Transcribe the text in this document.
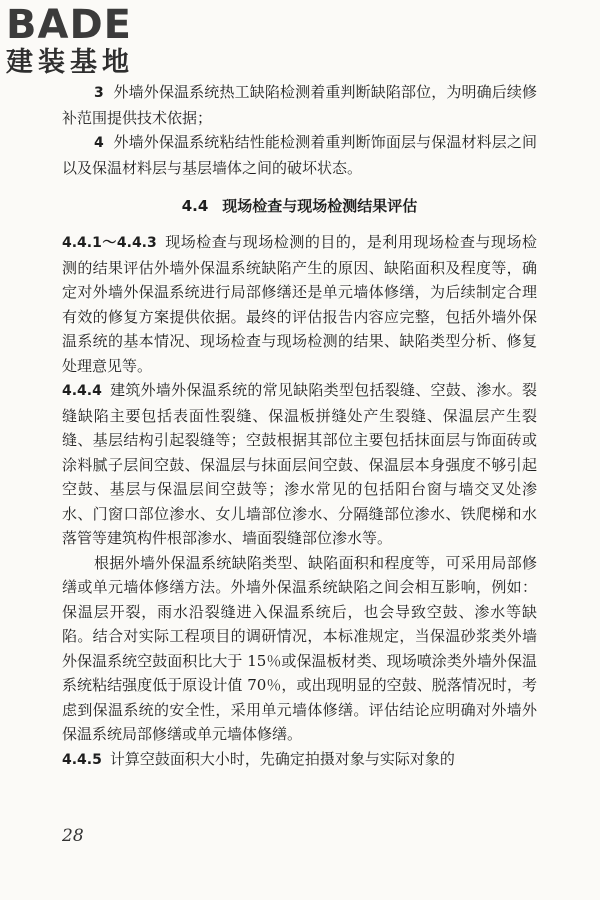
BADE
建装基地

3 外墙外保温系统热工缺陷检测着重判断缺陷部位，为明确后续修补范围提供技术依据；

4 外墙外保温系统粘结性能检测着重判断饰面层与保温材料层之间以及保温材料层与基层墙体之间的破坏状态。

4.4 现场检查与现场检测结果评估

4.4.1～4.4.3 现场检查与现场检测的目的，是利用现场检查与现场检测的结果评估外墙外保温系统缺陷产生的原因、缺陷面积及程度等，确定对外墙外保温系统进行局部修缮还是单元墙体修缮，为后续制定合理有效的修复方案提供依据。最终的评估报告内容应完整，包括外墙外保温系统的基本情况、现场检查与现场检测的结果、缺陷类型分析、修复处理意见等。

4.4.4 建筑外墙外保温系统的常见缺陷类型包括裂缝、空鼓、渗水。裂缝缺陷主要包括表面性裂缝、保温板拼缝处产生裂缝、保温层产生裂缝、基层结构引起裂缝等；空鼓根据其部位主要包括抹面层与饰面砖或涂料腻子层间空鼓、保温层与抹面层间空鼓、保温层本身强度不够引起空鼓、基层与保温层间空鼓等；渗水常见的包括阳台窗与墙交叉处渗水、门窗口部位渗水、女儿墙部位渗水、分隔缝部位渗水、铁爬梯和水落管等建筑构件根部渗水、墙面裂缝部位渗水等。

根据外墙外保温系统缺陷类型、缺陷面积和程度等，可采用局部修缮或单元墙体修缮方法。外墙外保温系统缺陷之间会相互影响，例如：保温层开裂，雨水沿裂缝进入保温系统后，也会导致空鼓、渗水等缺陷。结合对实际工程项目的调研情况，本标准规定，当保温砂浆类外墙外保温系统空鼓面积比大于 15％或保温板材类、现场喷涂类外墙外保温系统粘结强度低于原设计值 70％，或出现明显的空鼓、脱落情况时，考虑到保温系统的安全性，采用单元墙体修缮。评估结论应明确对外墙外保温系统局部修缮或单元墙体修缮。

4.4.5 计算空鼓面积大小时，先确定拍摄对象与实际对象的

28
